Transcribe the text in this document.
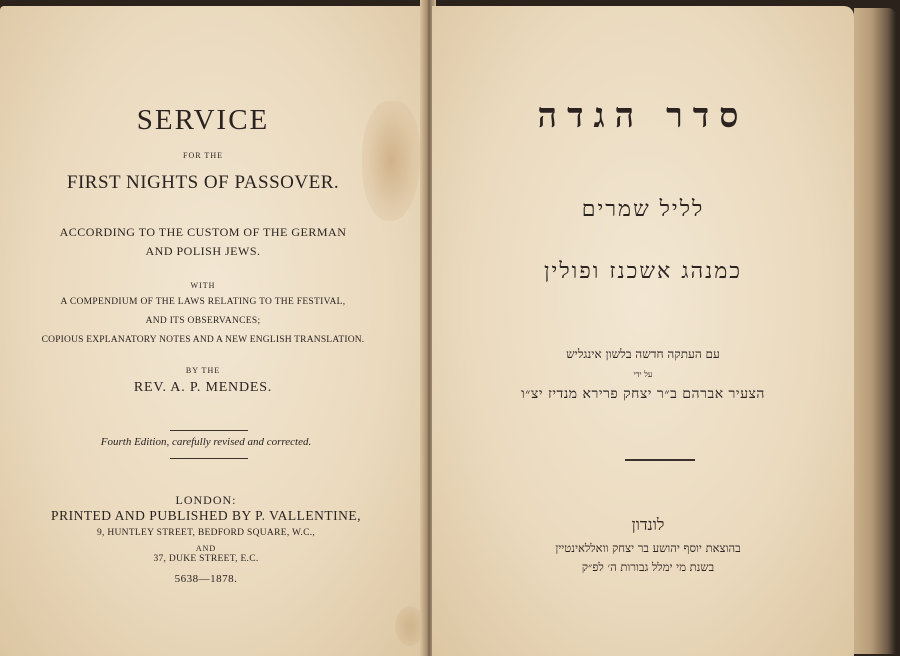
SERVICE
FOR THE
FIRST NIGHTS OF PASSOVER.
ACCORDING TO THE CUSTOM OF THE GERMAN
AND POLISH JEWS.
WITH
A COMPENDIUM OF THE LAWS RELATING TO THE FESTIVAL,
AND ITS OBSERVANCES;
COPIOUS EXPLANATORY NOTES AND A NEW ENGLISH TRANSLATION.
BY THE
REV. A. P. MENDES.
Fourth Edition, carefully revised and corrected.
LONDON:
PRINTED AND PUBLISHED BY P. VALLENTINE,
9, HUNTLEY STREET, BEDFORD SQUARE, W.C.,
AND
37, DUKE STREET, E.C.
5638—1878.
סדר הגדה
לליל שמרים
כמנהג אשכנז ופולין
עם העתקה חדשה בלשון אינגליש
על ידי
הצעיר אברהם ב״ר יצחק פרירא מנדיז יצ״ו
לונדון
בהוצאת יוסף יהושע בר יצחק וואללאינטיין
בשנת מי ימלל גבורות ה׳ לפ״ק
